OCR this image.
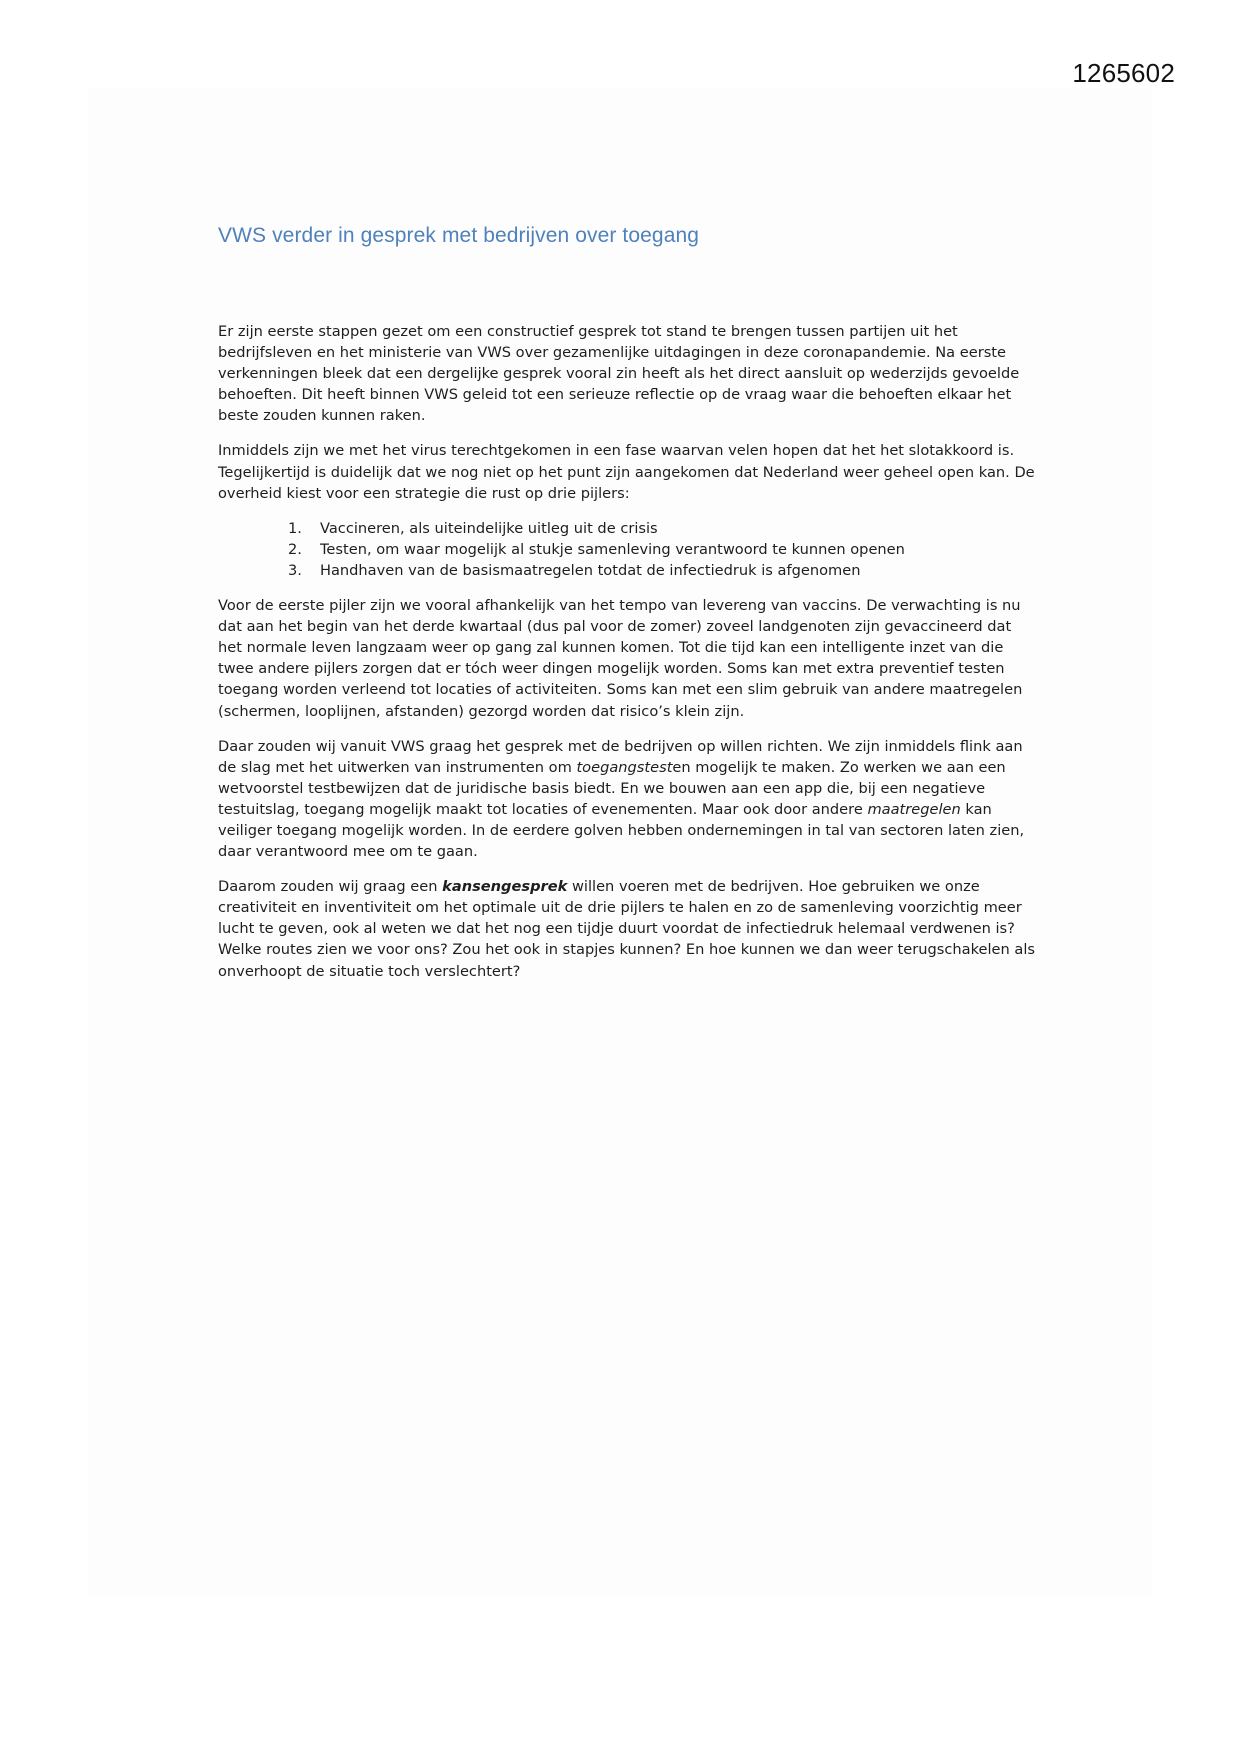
1265602
VWS verder in gesprek met bedrijven over toegang

Er zijn eerste stappen gezet om een constructief gesprek tot stand te brengen tussen partijen uit het bedrijfsleven en het ministerie van VWS over gezamenlijke uitdagingen in deze coronapandemie. Na eerste verkenningen bleek dat een dergelijke gesprek vooral zin heeft als het direct aansluit op wederzijds gevoelde behoeften. Dit heeft binnen VWS geleid tot een serieuze reflectie op de vraag waar die behoeften elkaar het beste zouden kunnen raken.

Inmiddels zijn we met het virus terechtgekomen in een fase waarvan velen hopen dat het het slotakkoord is. Tegelijkertijd is duidelijk dat we nog niet op het punt zijn aangekomen dat Nederland weer geheel open kan. De overheid kiest voor een strategie die rust op drie pijlers:

1.	Vaccineren, als uiteindelijke uitleg uit de crisis
2.	Testen, om waar mogelijk al stukje samenleving verantwoord te kunnen openen
3.	Handhaven van de basismaatregelen totdat de infectiedruk is afgenomen

Voor de eerste pijler zijn we vooral afhankelijk van het tempo van levereng van vaccins. De verwachting is nu dat aan het begin van het derde kwartaal (dus pal voor de zomer) zoveel landgenoten zijn gevaccineerd dat het normale leven langzaam weer op gang zal kunnen komen. Tot die tijd kan een intelligente inzet van die twee andere pijlers zorgen dat er tóch weer dingen mogelijk worden. Soms kan met extra preventief testen toegang worden verleend tot locaties of activiteiten. Soms kan met een slim gebruik van andere maatregelen (schermen, looplijnen, afstanden) gezorgd worden dat risico’s klein zijn.

Daar zouden wij vanuit VWS graag het gesprek met de bedrijven op willen richten. We zijn inmiddels flink aan de slag met het uitwerken van instrumenten om toegangstesten mogelijk te maken. Zo werken we aan een wetvoorstel testbewijzen dat de juridische basis biedt. En we bouwen aan een app die, bij een negatieve testuitslag, toegang mogelijk maakt tot locaties of evenementen. Maar ook door andere maatregelen kan veiliger toegang mogelijk worden. In de eerdere golven hebben ondernemingen in tal van sectoren laten zien, daar verantwoord mee om te gaan.

Daarom zouden wij graag een kansengesprek willen voeren met de bedrijven. Hoe gebruiken we onze creativiteit en inventiviteit om het optimale uit de drie pijlers te halen en zo de samenleving voorzichtig meer lucht te geven, ook al weten we dat het nog een tijdje duurt voordat de infectiedruk helemaal verdwenen is? Welke routes zien we voor ons? Zou het ook in stapjes kunnen? En hoe kunnen we dan weer terugschakelen als onverhoopt de situatie toch verslechtert?
